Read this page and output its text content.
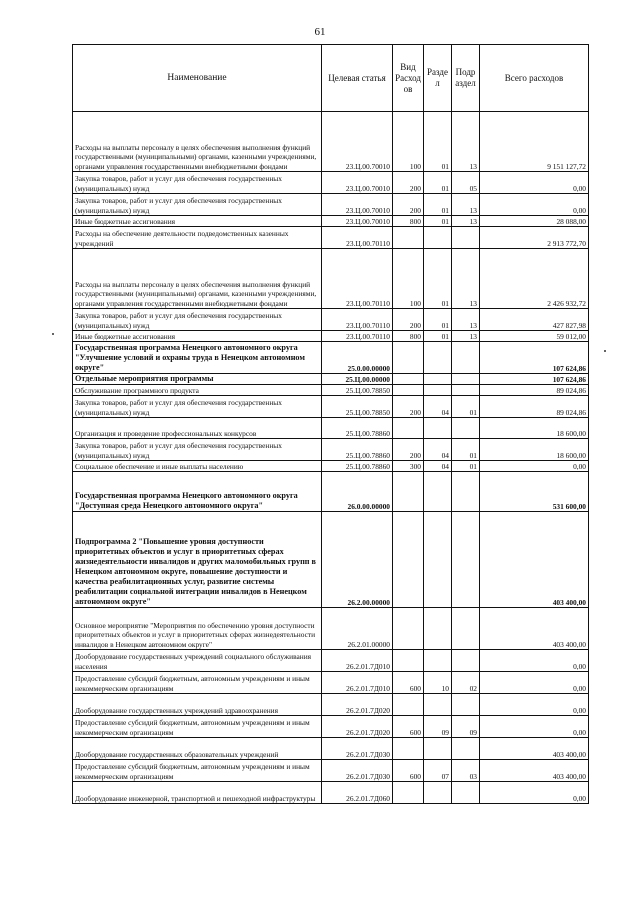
61
Наименование	Целевая статья	Вид Расход ов	Разде л	Подр аздел	Всего расходов
Расходы на выплаты персоналу в целях обеспечения выполнения функций государственными (муниципальными) органами, казенными учреждениями, органами управления государственными внебюджетными фондами	23.Ц.00.70010	100	01	13	9 151 127,72
Закупка товаров, работ и услуг для обеспечения государственных (муниципальных) нужд	23.Ц.00.70010	200	01	05	0,00
Закупка товаров, работ и услуг для обеспечения государственных (муниципальных) нужд	23.Ц.00.70010	200	01	13	0,00
Иные бюджетные ассигнования	23.Ц.00.70010	800	01	13	28 088,00
Расходы на обеспечение деятельности подведомственных казенных учреждений	23.Ц.00.70110				2 913 772,70
Расходы на выплаты персоналу в целях обеспечения выполнения функций государственными (муниципальными) органами, казенными учреждениями, органами управления государственными внебюджетными фондами	23.Ц.00.70110	100	01	13	2 426 932,72
Закупка товаров, работ и услуг для обеспечения государственных (муниципальных) нужд	23.Ц.00.70110	200	01	13	427 827,98
Иные бюджетные ассигнования	23.Ц.00.70110	800	01	13	59 012,00
Государственная программа Ненецкого автономного округа "Улучшение условий и охраны труда в Ненецком автономном округе"	25.0.00.00000				107 624,86
Отдельные мероприятия программы	25.Ц.00.00000				107 624,86
Обслуживание программного продукта	25.Ц.00.78850				89 024,86
Закупка товаров, работ и услуг для обеспечения государственных (муниципальных) нужд	25.Ц.00.78850	200	04	01	89 024,86
Организация и проведение профессиональных конкурсов	25.Ц.00.78860				18 600,00
Закупка товаров, работ и услуг для обеспечения государственных (муниципальных) нужд	25.Ц.00.78860	200	04	01	18 600,00
Социальное обеспечение и иные выплаты населению	25.Ц.00.78860	300	04	01	0,00
Государственная программа Ненецкого автономного округа "Доступная среда Ненецкого автономного округа"	26.0.00.00000				531 600,00
Подпрограмма 2 "Повышение уровня доступности приоритетных объектов и услуг в приоритетных сферах жизнедеятельности инвалидов и других маломобильных групп в Ненецком автономном округе, повышение доступности и качества реабилитационных услуг, развитие системы реабилитации социальной интеграции инвалидов в Ненецком автономном округе"	26.2.00.00000				403 400,00
Основное мероприятие "Мероприятия по обеспечению уровня доступности приоритетных объектов и услуг в приоритетных сферах жизнедеятельности инвалидов в Ненецком автономном округе"	26.2.01.00000				403 400,00
Дооборудование государственных учреждений социального обслуживания населения	26.2.01.7Д010				0,00
Предоставление субсидий бюджетным, автономным учреждениям и иным некоммерческим организациям	26.2.01.7Д010	600	10	02	0,00
Дооборудование государственных учреждений здравоохранения	26.2.01.7Д020				0,00
Предоставление субсидий бюджетным, автономным учреждениям и иным некоммерческим организациям	26.2.01.7Д020	600	09	09	0,00
Дооборудование государственных образовательных учреждений	26.2.01.7Д030				403 400,00
Предоставление субсидий бюджетным, автономным учреждениям и иным некоммерческим организациям	26.2.01.7Д030	600	07	03	403 400,00
Дооборудование инженерной, транспортной и пешеходной инфраструктуры	26.2.01.7Д060				0,00
